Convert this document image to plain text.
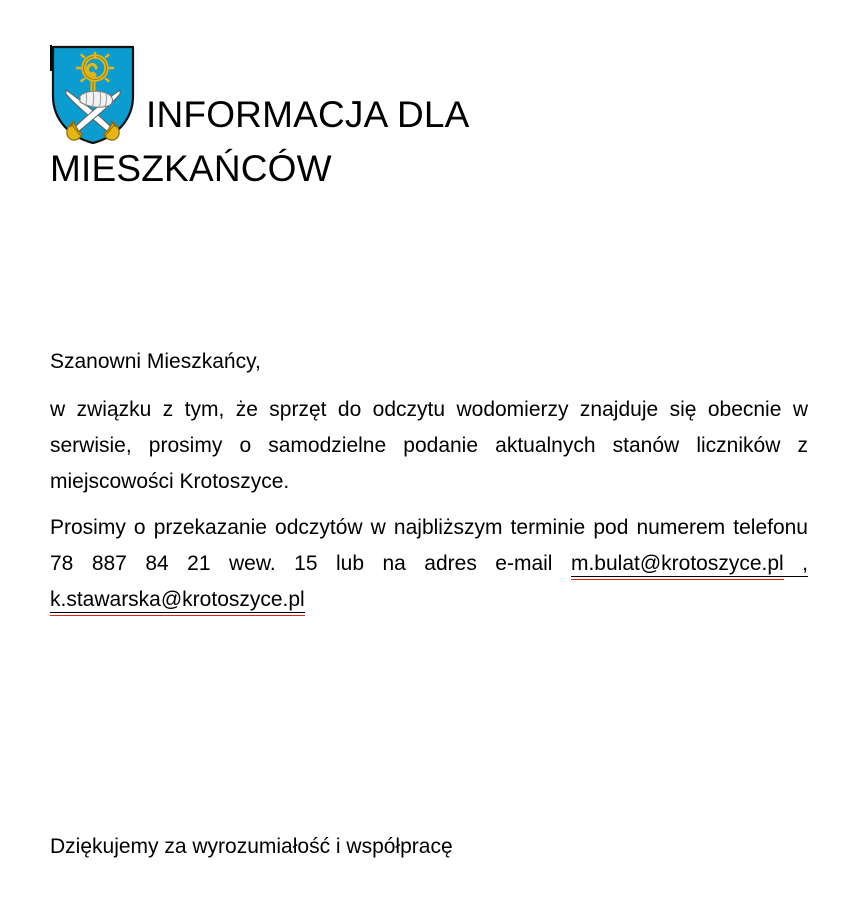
INFORMACJA DLA
MIESZKAŃCÓW

Szanowni Mieszkańcy,

w związku z tym, że sprzęt do odczytu wodomierzy znajduje się obecnie w serwisie, prosimy o samodzielne podanie aktualnych stanów liczników z miejscowości Krotoszyce.

Prosimy o przekazanie odczytów w najbliższym terminie pod numerem telefonu 78 887 84 21 wew. 15 lub na adres e-mail m.bulat@krotoszyce.pl , k.stawarska@krotoszyce.pl

Dziękujemy za wyrozumiałość i współpracę
